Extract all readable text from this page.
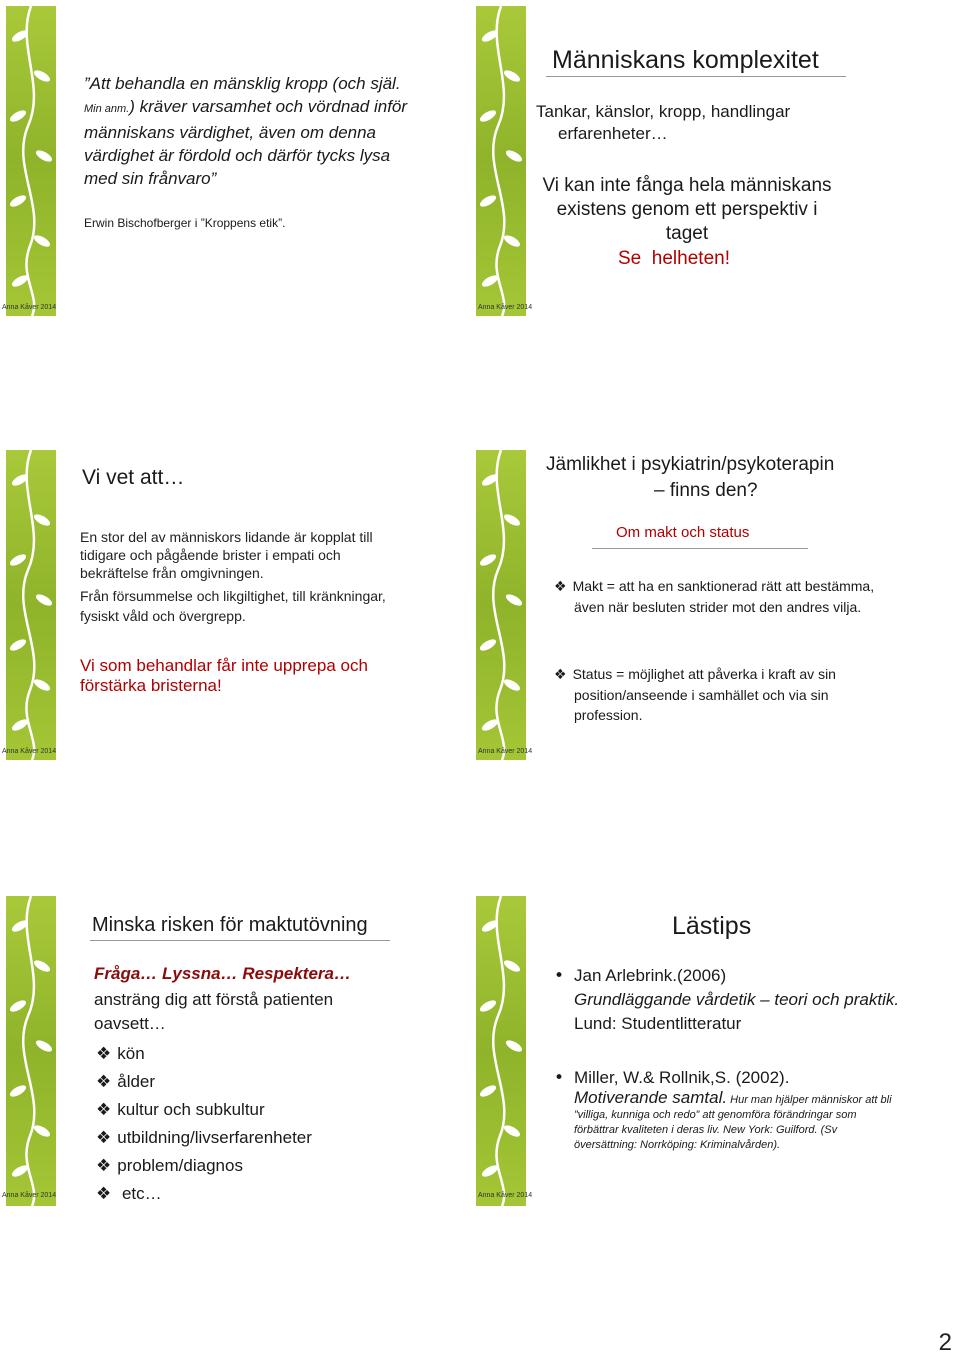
”Att behandla en mänsklig kropp (och själ. Min anm.) kräver varsamhet och vördnad inför människans värdighet, även om denna värdighet är fördold och därför tycks lysa med sin frånvaro”
Erwin Bischofberger i ”Kroppens etik”.
Anna Kåver 2014
Människans komplexitet
Tankar, känslor, kropp, handlingar
erfarenheter…
Vi kan inte fånga hela människans existens genom ett perspektiv i taget
Se  helheten!
Anna Kåver 2014
Vi vet att…
En stor del av människors lidande är kopplat till tidigare och pågående brister i empati och bekräftelse från omgivningen.
Från försummelse och likgiltighet, till kränkningar, fysiskt våld och övergrepp.
Vi som behandlar får inte upprepa och förstärka bristerna!
Anna Kåver 2014
Jämlikhet i psykiatrin/psykoterapin
– finns den?
Om makt och status
❖ Makt = att ha en sanktionerad rätt att bestämma, även när besluten strider mot den andres vilja.
❖ Status = möjlighet att påverka i kraft av sin position/anseende i samhället och via sin profession.
Anna Kåver 2014
Minska risken för maktutövning
Fråga… Lyssna… Respektera…
ansträng dig att förstå patienten oavsett…
❖ kön
❖ ålder
❖ kultur och subkultur
❖ utbildning/livserfarenheter
❖ problem/diagnos
❖ etc…
Anna Kåver 2014
Lästips
• Jan Arlebrink.(2006)
Grundläggande vårdetik – teori och praktik. Lund: Studentlitteratur
• Miller, W.& Rollnik,S. (2002).
Motiverande samtal. Hur man hjälper människor att bli ”villiga, kunniga och redo” att genomföra förändringar som förbättrar kvaliteten i deras liv. New York: Guilford. (Sv översättning: Norrköping: Kriminalvården).
Anna Kåver 2014
2
